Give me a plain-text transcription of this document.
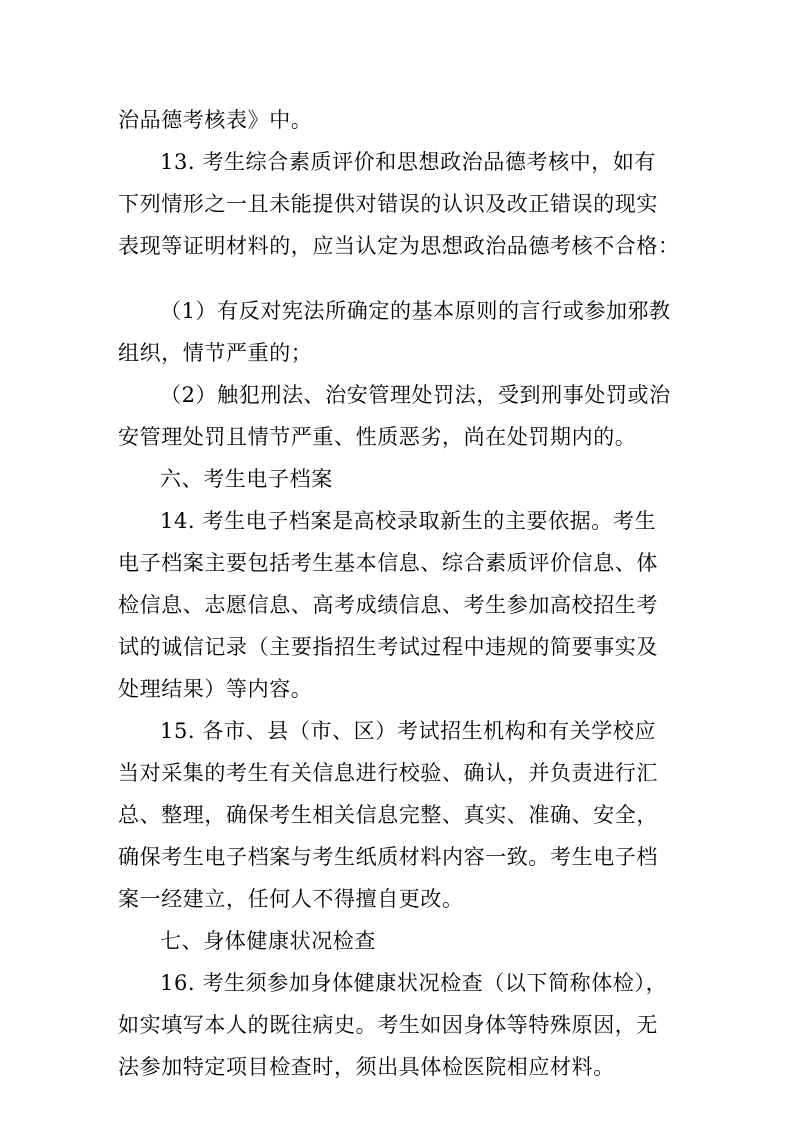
治品德考核表》中。
13. 考生综合素质评价和思想政治品德考核中，如有
下列情形之一且未能提供对错误的认识及改正错误的现实
表现等证明材料的，应当认定为思想政治品德考核不合格：
（1）有反对宪法所确定的基本原则的言行或参加邪教
组织，情节严重的；
（2）触犯刑法、治安管理处罚法，受到刑事处罚或治
安管理处罚且情节严重、性质恶劣，尚在处罚期内的。
六、考生电子档案
14. 考生电子档案是高校录取新生的主要依据。考生
电子档案主要包括考生基本信息、综合素质评价信息、体
检信息、志愿信息、高考成绩信息、考生参加高校招生考
试的诚信记录（主要指招生考试过程中违规的简要事实及
处理结果）等内容。
15. 各市、县（市、区）考试招生机构和有关学校应
当对采集的考生有关信息进行校验、确认，并负责进行汇
总、整理，确保考生相关信息完整、真实、准确、安全，
确保考生电子档案与考生纸质材料内容一致。考生电子档
案一经建立，任何人不得擅自更改。
七、身体健康状况检查
16. 考生须参加身体健康状况检查（以下简称体检），
如实填写本人的既往病史。考生如因身体等特殊原因，无
法参加特定项目检查时，须出具体检医院相应材料。
